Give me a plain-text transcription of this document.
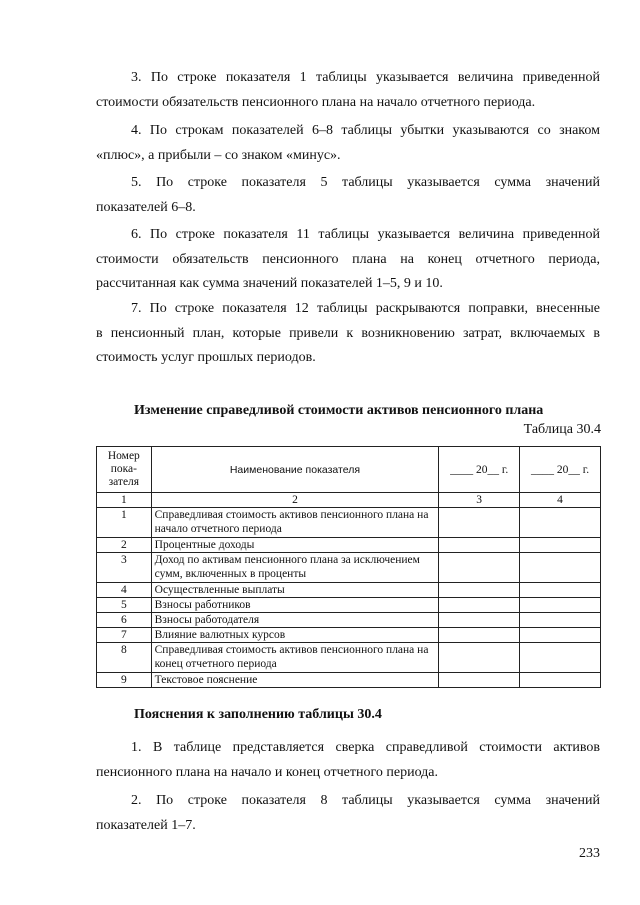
3. По строке показателя 1 таблицы указывается величина приведенной
стоимости обязательств пенсионного плана на начало отчетного периода.

4. По строкам показателей 6–8 таблицы убытки указываются со знаком
«плюс», а прибыли – со знаком «минус».

5. По строке показателя 5 таблицы указывается сумма значений
показателей 6–8.

6. По строке показателя 11 таблицы указывается величина приведенной
стоимости обязательств пенсионного плана на конец отчетного периода,
рассчитанная как сумма значений показателей 1–5, 9 и 10.

7. По строке показателя 12 таблицы раскрываются поправки, внесенные
в пенсионный план, которые привели к возникновению затрат, включаемых в
стоимость услуг прошлых периодов.

Изменение справедливой стоимости активов пенсионного плана

Таблица 30.4

Номер пока-зателя	Наименование показателя	____ 20__ г.	____ 20__ г.
1	2	3	4
1	Справедливая стоимость активов пенсионного плана на начало отчетного периода		
2	Процентные доходы		
3	Доход по активам пенсионного плана за исключением сумм, включенных в проценты		
4	Осуществленные выплаты		
5	Взносы работников		
6	Взносы работодателя		
7	Влияние валютных курсов		
8	Справедливая стоимость активов пенсионного плана на конец отчетного периода		
9	Текстовое пояснение		

Пояснения к заполнению таблицы 30.4

1. В таблице представляется сверка справедливой стоимости активов
пенсионного плана на начало и конец отчетного периода.

2. По строке показателя 8 таблицы указывается сумма значений
показателей 1–7.

233
